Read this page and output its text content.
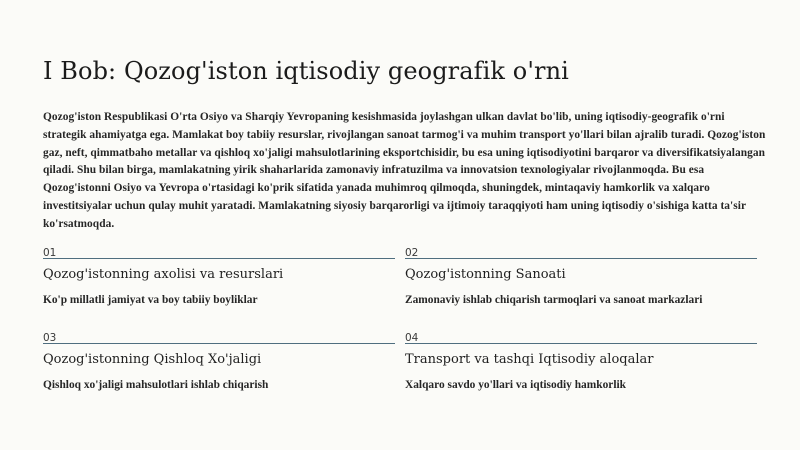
I Bob: Qozog'iston iqtisodiy geografik o'rni

Qozog'iston Respublikasi O'rta Osiyo va Sharqiy Yevropaning kesishmasida joylashgan ulkan davlat bo'lib, uning iqtisodiy-geografik o'rni strategik ahamiyatga ega. Mamlakat boy tabiiy resurslar, rivojlangan sanoat tarmog'i va muhim transport yo'llari bilan ajralib turadi. Qozog'iston gaz, neft, qimmatbaho metallar va qishloq xo'jaligi mahsulotlarining eksportchisidir, bu esa uning iqtisodiyotini barqaror va diversifikatsiyalangan qiladi. Shu bilan birga, mamlakatning yirik shaharlarida zamonaviy infratuzilma va innovatsion texnologiyalar rivojlanmoqda. Bu esa Qozog'istonni Osiyo va Yevropa o'rtasidagi ko'prik sifatida yanada muhimroq qilmoqda, shuningdek, mintaqaviy hamkorlik va xalqaro investitsiyalar uchun qulay muhit yaratadi. Mamlakatning siyosiy barqarorligi va ijtimoiy taraqqiyoti ham uning iqtisodiy o'sishiga katta ta'sir ko'rsatmoqda.

01
Qozog'istonning axolisi va resurslari
Ko'p millatli jamiyat va boy tabiiy boyliklar
02
Qozog'istonning Sanoati
Zamonaviy ishlab chiqarish tarmoqlari va sanoat markazlari
03
Qozog'istonning Qishloq Xo'jaligi
Qishloq xo'jaligi mahsulotlari ishlab chiqarish
04
Transport va tashqi Iqtisodiy aloqalar
Xalqaro savdo yo'llari va iqtisodiy hamkorlik
